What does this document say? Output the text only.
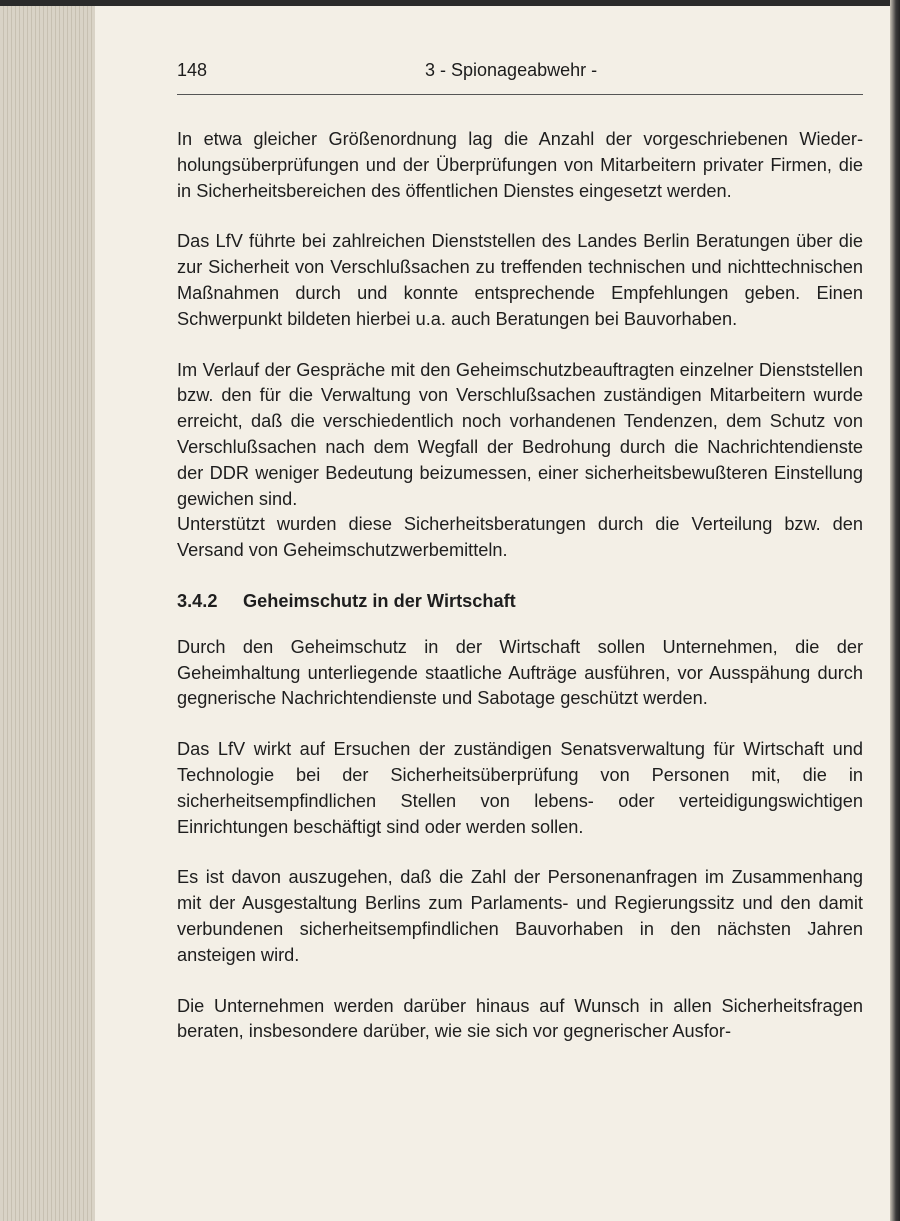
148	3 - Spionageabwehr -

In etwa gleicher Größenordnung lag die Anzahl der vorgeschriebenen Wiederholungsüberprüfungen und der Überprüfungen von Mitarbeitern privater Firmen, die in Sicherheitsbereichen des öffentlichen Dienstes eingesetzt werden.

Das LfV führte bei zahlreichen Dienststellen des Landes Berlin Beratungen über die zur Sicherheit von Verschlußsachen zu treffenden technischen und nichttechnischen Maßnahmen durch und konnte entsprechende Empfehlungen geben. Einen Schwerpunkt bildeten hierbei u.a. auch Beratungen bei Bauvorhaben.

Im Verlauf der Gespräche mit den Geheimschutzbeauftragten einzelner Dienststellen bzw. den für die Verwaltung von Verschlußsachen zuständigen Mitarbeitern wurde erreicht, daß die verschiedentlich noch vorhandenen Tendenzen, dem Schutz von Verschlußsachen nach dem Wegfall der Bedrohung durch die Nachrichtendienste der DDR weniger Bedeutung beizumessen, einer sicherheitsbewußteren Einstellung gewichen sind.

Unterstützt wurden diese Sicherheitsberatungen durch die Verteilung bzw. den Versand von Geheimschutzwerbemitteln.

3.4.2 Geheimschutz in der Wirtschaft

Durch den Geheimschutz in der Wirtschaft sollen Unternehmen, die der Geheimhaltung unterliegende staatliche Aufträge ausführen, vor Ausspähung durch gegnerische Nachrichtendienste und Sabotage geschützt werden.

Das LfV wirkt auf Ersuchen der zuständigen Senatsverwaltung für Wirtschaft und Technologie bei der Sicherheitsüberprüfung von Personen mit, die in sicherheitsempfindlichen Stellen von lebens- oder verteidigungswichtigen Einrichtungen beschäftigt sind oder werden sollen.

Es ist davon auszugehen, daß die Zahl der Personenanfragen im Zusammenhang mit der Ausgestaltung Berlins zum Parlaments- und Regierungssitz und den damit verbundenen sicherheitsempfindlichen Bauvorhaben in den nächsten Jahren ansteigen wird.

Die Unternehmen werden darüber hinaus auf Wunsch in allen Sicherheitsfragen beraten, insbesondere darüber, wie sie sich vor gegnerischer Ausfor-
